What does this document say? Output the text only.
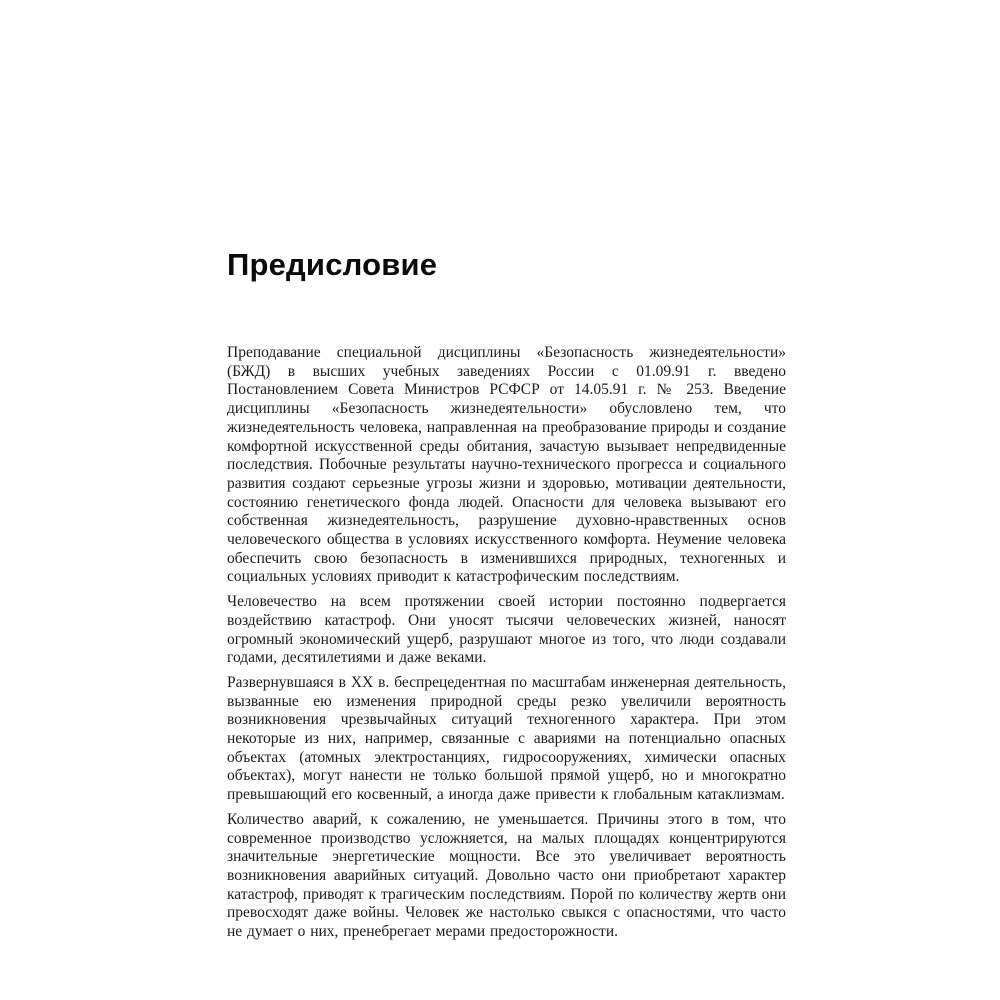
Предисловие

Преподавание специальной дисциплины «Безопасность жизнедеятельности» (БЖД) в высших учебных заведениях России с 01.09.91 г. введено Постановлением Совета Министров РСФСР от 14.05.91 г. № 253. Введение дисциплины «Безопасность жизнедеятельности» обусловлено тем, что жизнедеятельность человека, направленная на преобразование природы и создание комфортной искусственной среды обитания, зачастую вызывает непредвиденные последствия. Побочные результаты научно-технического прогресса и социального развития создают серьезные угрозы жизни и здоровью, мотивации деятельности, состоянию генетического фонда людей. Опасности для человека вызывают его собственная жизнедеятельность, разрушение духовно-нравственных основ человеческого общества в условиях искусственного комфорта. Неумение человека обеспечить свою безопасность в изменившихся природных, техногенных и социальных условиях приводит к катастрофическим последствиям.

Человечество на всем протяжении своей истории постоянно подвергается воздействию катастроф. Они уносят тысячи человеческих жизней, наносят огромный экономический ущерб, разрушают многое из того, что люди создавали годами, десятилетиями и даже веками.

Развернувшаяся в XX в. беспрецедентная по масштабам инженерная деятельность, вызванные ею изменения природной среды резко увеличили вероятность возникновения чрезвычайных ситуаций техногенного характера. При этом некоторые из них, например, связанные с авариями на потенциально опасных объектах (атомных электростанциях, гидросооружениях, химически опасных объектах), могут нанести не только большой прямой ущерб, но и многократно превышающий его косвенный, а иногда даже привести к глобальным катаклизмам.

Количество аварий, к сожалению, не уменьшается. Причины этого в том, что современное производство усложняется, на малых площадях концентрируются значительные энергетические мощности. Все это увеличивает вероятность возникновения аварийных ситуаций. Довольно часто они приобретают характер катастроф, приводят к трагическим последствиям. Порой по количеству жертв они превосходят даже войны. Человек же настолько свыкся с опасностями, что часто не думает о них, пренебрегает мерами предосторожности.
